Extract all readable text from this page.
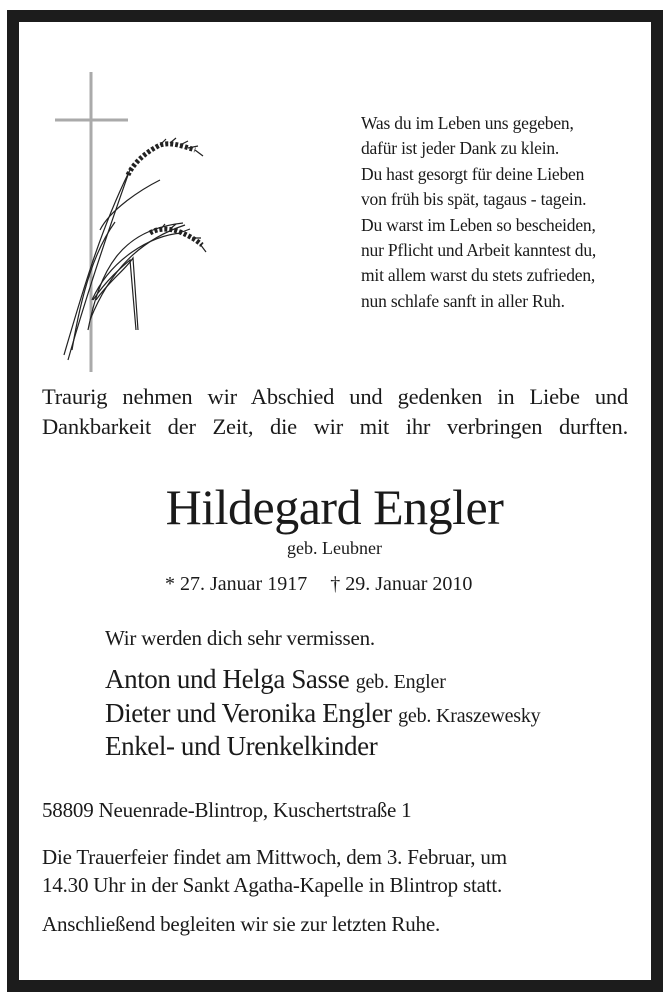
Was du im Leben uns gegeben,
dafür ist jeder Dank zu klein.
Du hast gesorgt für deine Lieben
von früh bis spät, tagaus - tagein.
Du warst im Leben so bescheiden,
nur Pflicht und Arbeit kanntest du,
mit allem warst du stets zufrieden,
nun schlafe sanft in aller Ruh.
Traurig nehmen wir Abschied und gedenken in Liebe und Dankbarkeit der Zeit, die wir mit ihr verbringen durften.
Hildegard Engler
geb. Leubner
* 27. Januar 1917 † 29. Januar 2010
Wir werden dich sehr vermissen.
Anton und Helga Sasse geb. Engler
Dieter und Veronika Engler geb. Kraszewesky
Enkel- und Urenkelkinder
58809 Neuenrade-Blintrop, Kuschertstraße 1
Die Trauerfeier findet am Mittwoch, dem 3. Februar, um
14.30 Uhr in der Sankt Agatha-Kapelle in Blintrop statt.
Anschließend begleiten wir sie zur letzten Ruhe.
